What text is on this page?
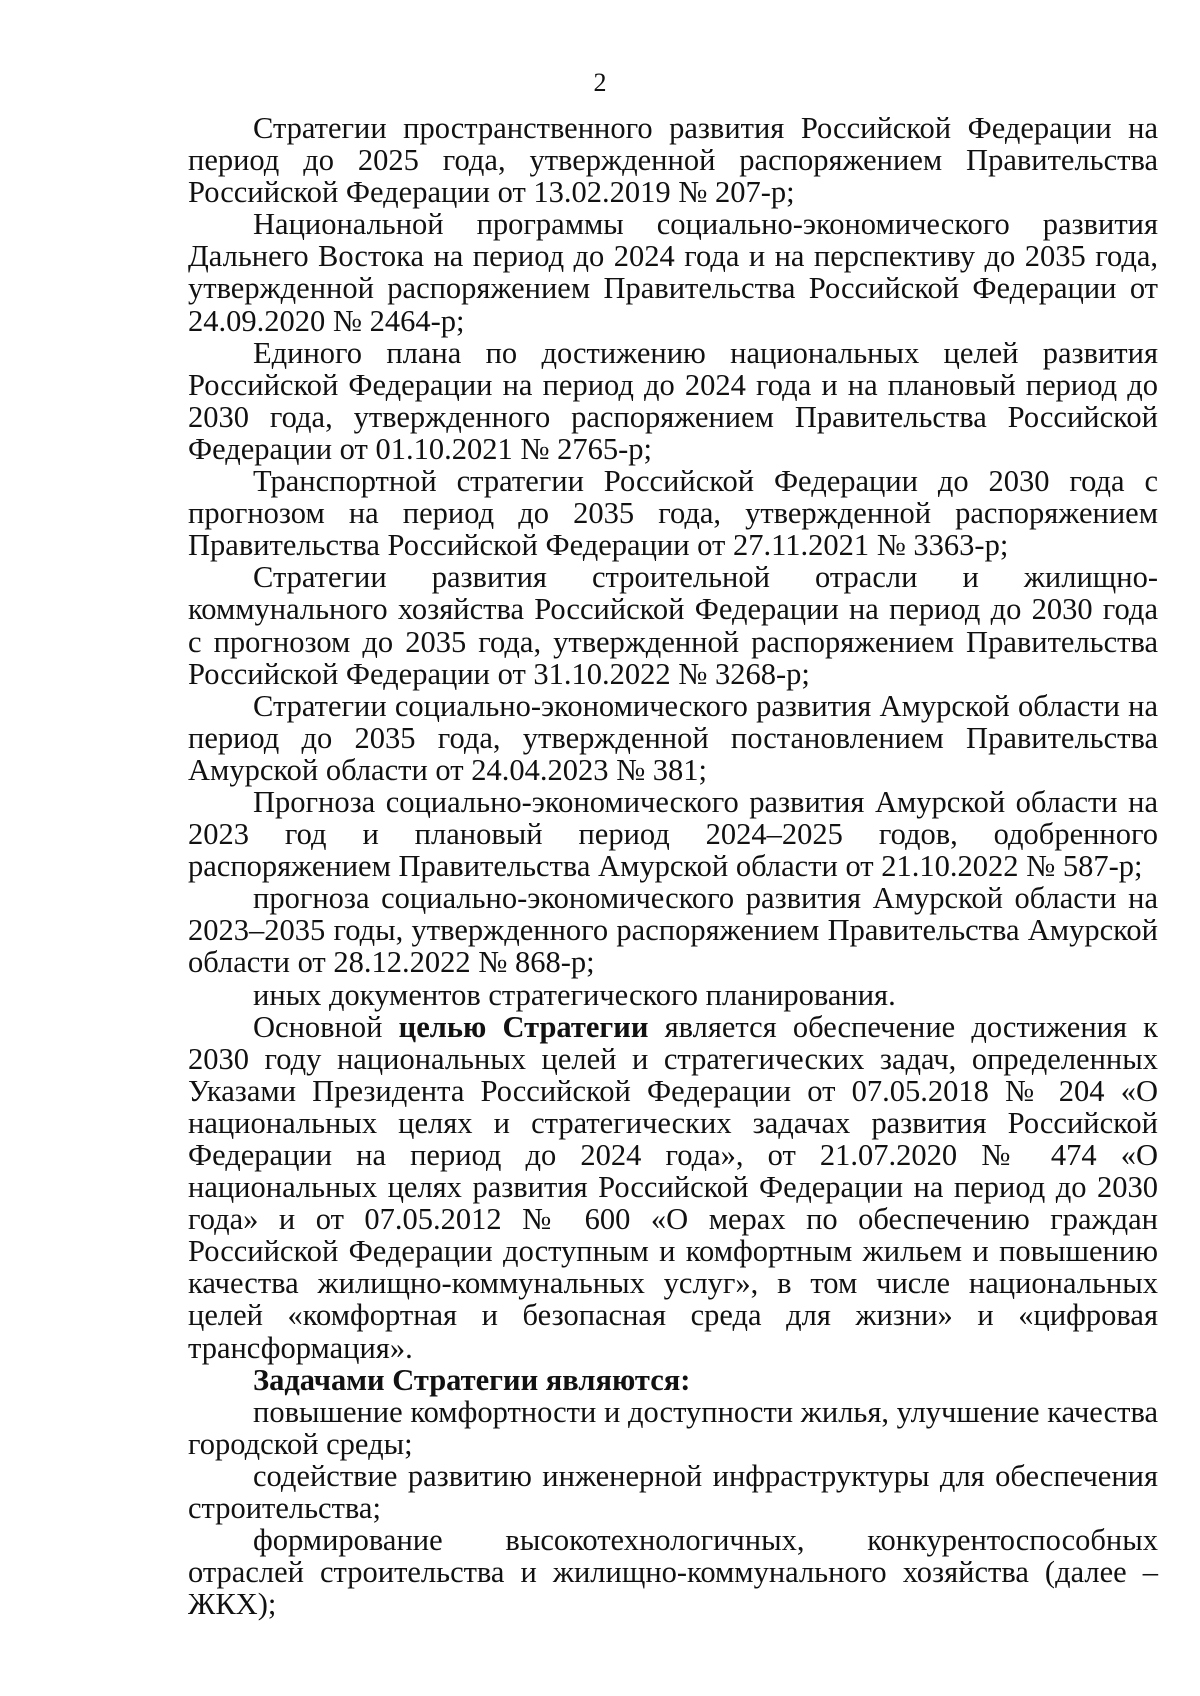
2

Стратегии пространственного развития Российской Федерации на период до 2025 года, утвержденной распоряжением Правительства Российской Федерации от 13.02.2019 № 207-р;

Национальной программы социально-экономического развития Дальнего Востока на период до 2024 года и на перспективу до 2035 года, утвержденной распоряжением Правительства Российской Федерации от 24.09.2020 № 2464-р;

Единого плана по достижению национальных целей развития Российской Федерации на период до 2024 года и на плановый период до 2030 года, утвержденного распоряжением Правительства Российской Федерации от 01.10.2021 № 2765-р;

Транспортной стратегии Российской Федерации до 2030 года с прогнозом на период до 2035 года, утвержденной распоряжением Правительства Российской Федерации от 27.11.2021 № 3363-р;

Стратегии развития строительной отрасли и жилищно-коммунального хозяйства Российской Федерации на период до 2030 года с прогнозом до 2035 года, утвержденной распоряжением Правительства Российской Федерации от 31.10.2022 № 3268-р;

Стратегии социально-экономического развития Амурской области на период до 2035 года, утвержденной постановлением Правительства Амурской области от 24.04.2023 № 381;

Прогноза социально-экономического развития Амурской области на 2023 год и плановый период 2024–2025 годов, одобренного распоряжением Правительства Амурской области от 21.10.2022 № 587-р;

прогноза социально-экономического развития Амурской области на 2023–2035 годы, утвержденного распоряжением Правительства Амурской области от 28.12.2022 № 868-р;

иных документов стратегического планирования.

Основной целью Стратегии является обеспечение достижения к 2030 году национальных целей и стратегических задач, определенных Указами Президента Российской Федерации от 07.05.2018 № 204 «О национальных целях и стратегических задачах развития Российской Федерации на период до 2024 года», от 21.07.2020 № 474 «О национальных целях развития Российской Федерации на период до 2030 года» и от 07.05.2012 № 600 «О мерах по обеспечению граждан Российской Федерации доступным и комфортным жильем и повышению качества жилищно-коммунальных услуг», в том числе национальных целей «комфортная и безопасная среда для жизни» и «цифровая трансформация».

Задачами Стратегии являются:

повышение комфортности и доступности жилья, улучшение качества городской среды;

содействие развитию инженерной инфраструктуры для обеспечения строительства;

формирование высокотехнологичных, конкурентоспособных отраслей строительства и жилищно-коммунального хозяйства (далее – ЖКХ);
